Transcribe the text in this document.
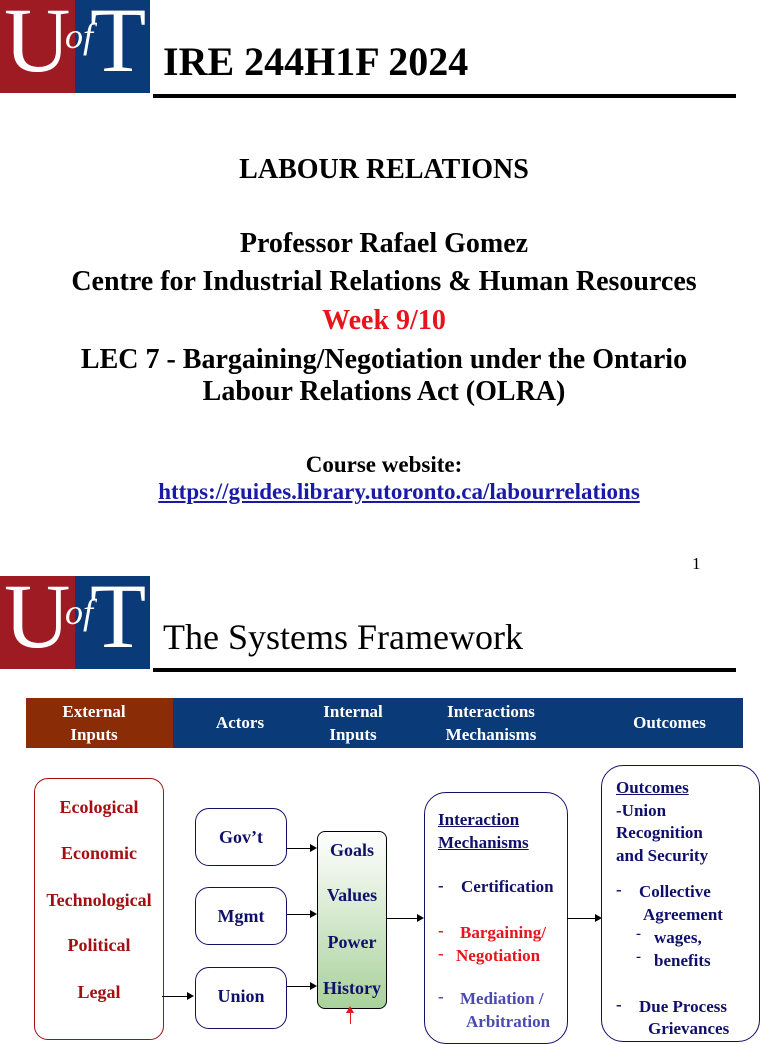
U
of
T IRE 244H1F 2024
LABOUR RELATIONS
Professor Rafael Gomez
Centre for Industrial Relations & Human Resources
Week 9/10
LEC 7 - Bargaining/Negotiation under the Ontario
Labour Relations Act (OLRA)
Course website:
https://guides.library.utoronto.ca/labourrelations
1
U
of
T The Systems Framework
External
Inputs
Actors
Internal
Inputs
Interactions
Mechanisms
Outcomes
Ecological
Economic
Technological
Political
Legal
Gov’t
Mgmt
Union
Goals
Values
Power
History
Interaction
Mechanisms
- Certification
- Bargaining/
- Negotiation
- Mediation /
Arbitration
Outcomes
-Union
Recognition
and Security
- Collective
Agreement
- wages,
- benefits
- Due Process
Grievances
